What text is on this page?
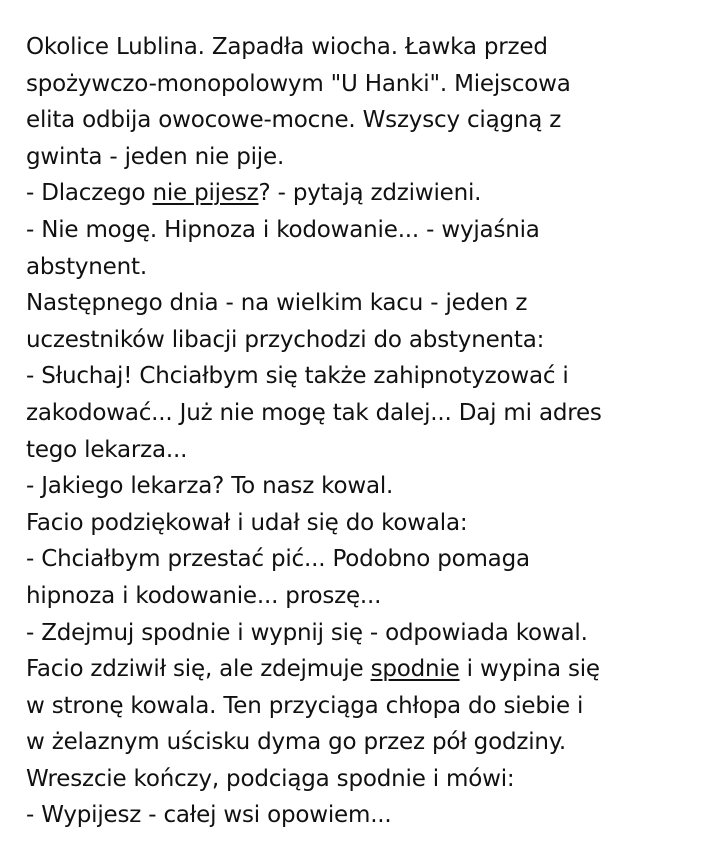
Okolice Lublina. Zapadła wiocha. Ławka przed
spożywczo-monopolowym "U Hanki". Miejscowa
elita odbija owocowe-mocne. Wszyscy ciągną z
gwinta - jeden nie pije.
- Dlaczego nie pijesz? - pytają zdziwieni.
- Nie mogę. Hipnoza i kodowanie... - wyjaśnia
abstynent.
Następnego dnia - na wielkim kacu - jeden z
uczestników libacji przychodzi do abstynenta:
- Słuchaj! Chciałbym się także zahipnotyzować i
zakodować... Już nie mogę tak dalej... Daj mi adres
tego lekarza...
- Jakiego lekarza? To nasz kowal.
Facio podziękował i udał się do kowala:
- Chciałbym przestać pić... Podobno pomaga
hipnoza i kodowanie... proszę...
- Zdejmuj spodnie i wypnij się - odpowiada kowal.
Facio zdziwił się, ale zdejmuje spodnie i wypina się
w stronę kowala. Ten przyciąga chłopa do siebie i
w żelaznym uścisku dyma go przez pół godziny.
Wreszcie kończy, podciąga spodnie i mówi:
- Wypijesz - całej wsi opowiem...
